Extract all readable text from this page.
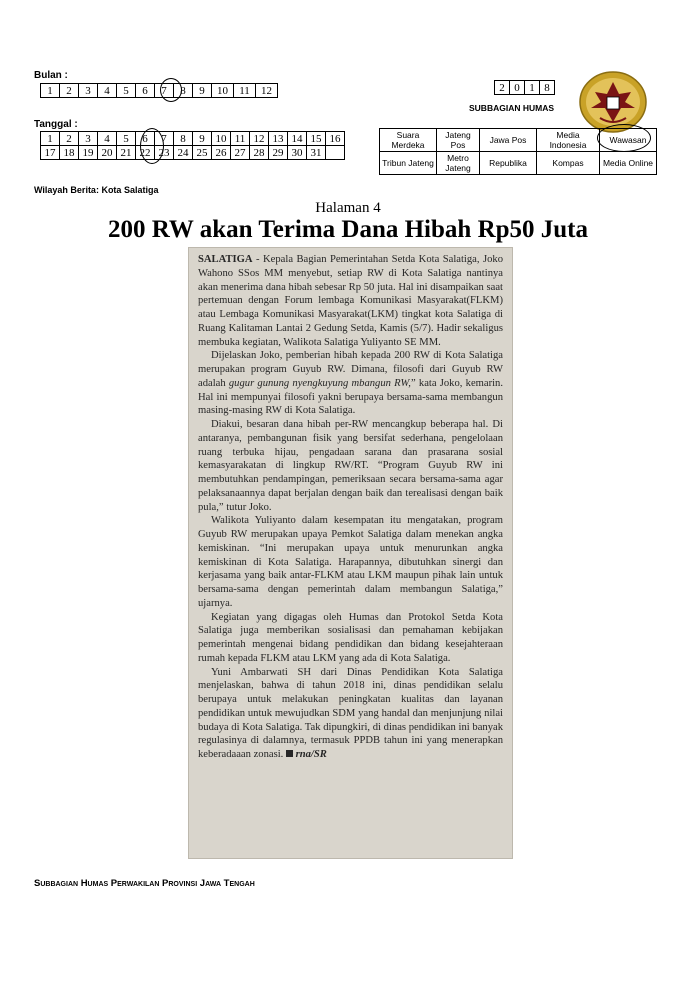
Bulan :
1	2	3	4	5	6	7	8	9	10	11	12	2	0	1	8
SUBBAGIAN HUMAS
Tanggal :
1	2	3	4	5	6	7	8	9	10	11	12	13	14	15	16
17	18	19	20	21	22	23	24	25	26	27	28	29	30	31	
Suara Merdeka	Jateng Pos	Jawa Pos	Media Indonesia	Wawasan
Tribun Jateng	Metro Jateng	Republika	Kompas	Media Online
Wilayah Berita: Kota Salatiga
Halaman 4
200 RW akan Terima Dana Hibah Rp50 Juta

SALATIGA - Kepala Bagian Pemerintahan Setda Kota Salatiga, Joko Wahono SSos MM menyebut, setiap RW di Kota Salatiga nantinya akan menerima dana hibah sebesar Rp 50 juta. Hal ini disampaikan saat pertemuan dengan Forum lembaga Komunikasi Masyarakat(FLKM) atau Lembaga Komunikasi Masyarakat(LKM) tingkat kota Salatiga di Ruang Kalitaman Lantai 2 Gedung Setda, Kamis (5/7). Hadir sekaligus membuka kegiatan, Walikota Salatiga Yuliyanto SE MM.

Dijelaskan Joko, pemberian hibah kepada 200 RW di Kota Salatiga merupakan program Guyub RW. Dimana, filosofi dari Guyub RW adalah gugur gunung nyengkuyung mbangun RW,” kata Joko, kemarin. Hal ini mempunyai filosofi yakni berupaya bersama-sama membangun masing-masing RW di Kota Salatiga.

Diakui, besaran dana hibah per-RW mencangkup beberapa hal. Di antaranya, pembangunan fisik yang bersifat sederhana, pengelolaan ruang terbuka hijau, pengadaan sarana dan prasarana sosial kemasyarakatan di lingkup RW/RT. “Program Guyub RW ini membutuhkan pendampingan, pemeriksaan secara bersama-sama agar pelaksanaannya dapat berjalan dengan baik dan terealisasi dengan baik pula,” tutur Joko.

Walikota Yuliyanto dalam kesempatan itu mengatakan, program Guyub RW merupakan upaya Pemkot Salatiga dalam menekan angka kemiskinan. “Ini merupakan upaya untuk menurunkan angka kemiskinan di Kota Salatiga. Harapannya, dibutuhkan sinergi dan kerjasama yang baik antar-FLKM atau LKM maupun pihak lain untuk bersama-sama dengan pemerintah dalam membangun Salatiga,” ujarnya.

Kegiatan yang digagas oleh Humas dan Protokol Setda Kota Salatiga juga memberikan sosialisasi dan pemahaman kebijakan pemerintah mengenai bidang pendidikan dan bidang kesejahteraan rumah kepada FLKM atau LKM yang ada di Kota Salatiga.

Yuni Ambarwati SH dari Dinas Pendidikan Kota Salatiga menjelaskan, bahwa di tahun 2018 ini, dinas pendidikan selalu berupaya untuk melakukan peningkatan kualitas dan layanan pendidikan untuk mewujudkan SDM yang handal dan menjunjung nilai budaya di Kota Salatiga. Tak dipungkiri, di dinas pendidikan ini banyak regulasinya di dalamnya, termasuk PPDB tahun ini yang menerapkan keberadaaan zonasi. rna/SR

Subbagian Humas Perwakilan Provinsi Jawa Tengah
